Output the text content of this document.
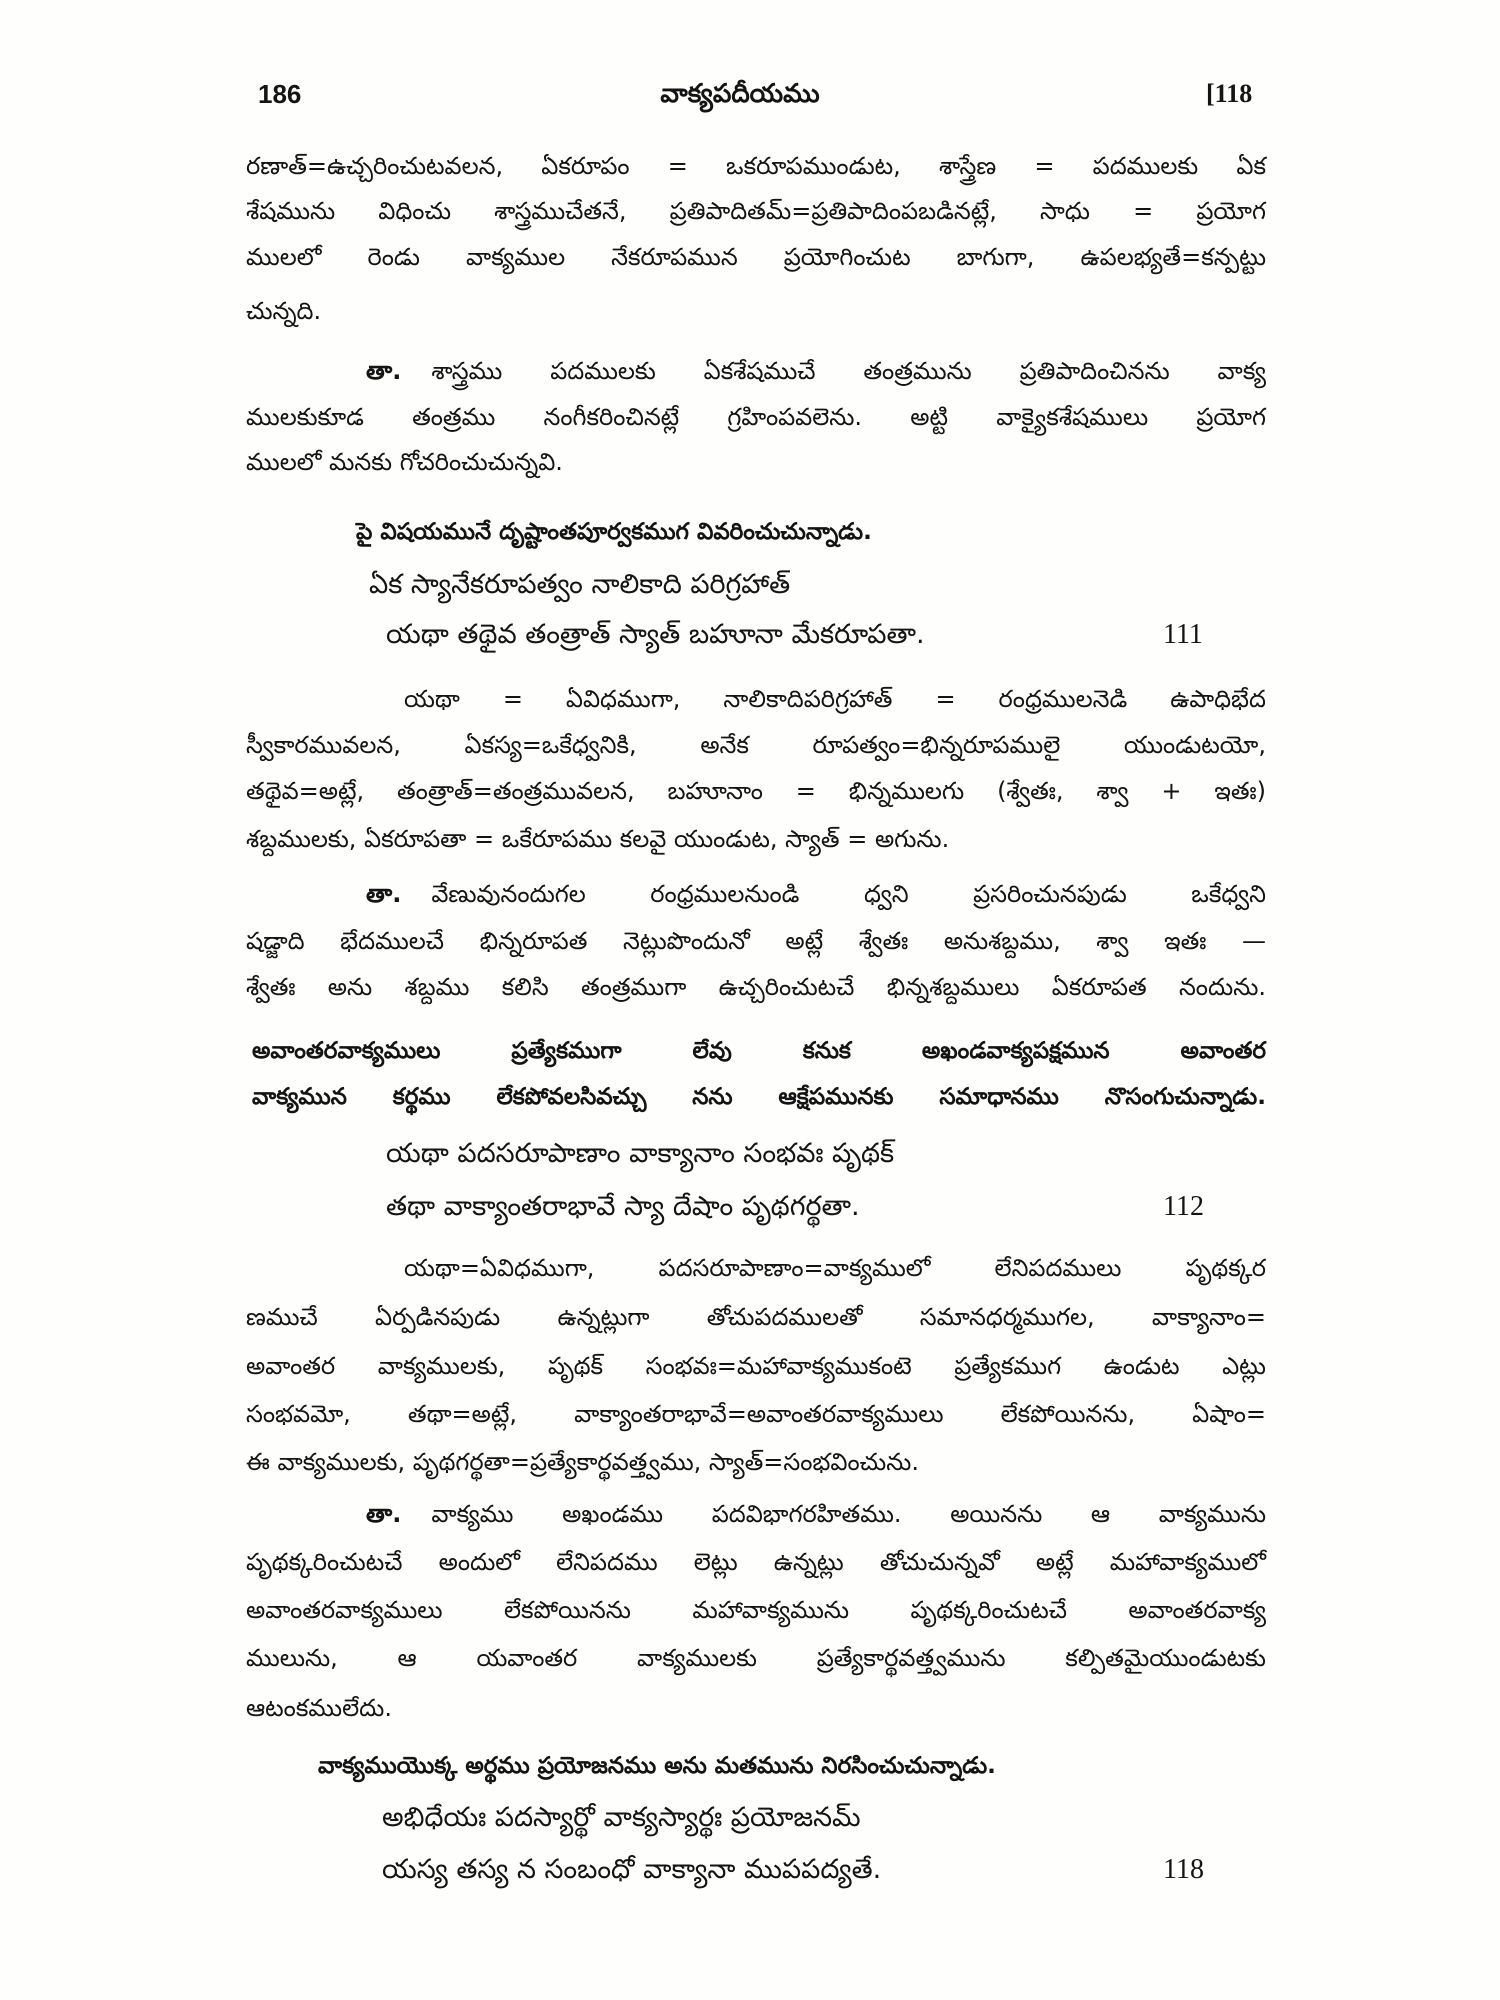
186	వాక్యపదీయము	[118
రణాత్=ఉచ్చరించుటవలన, ఏకరూపం = ఒకరూపముండుట, శాస్త్రేణ = పదములకు ఏక
శేషమును విధించు శాస్త్రముచేతనే, ప్రతిపాదితమ్=ప్రతిపాదింపబడినట్లే, సాధు = ప్రయోగ
ములలో రెండు వాక్యముల నేకరూపమున ప్రయోగించుట బాగుగా, ఉపలభ్యతే=కన్పట్టు
చున్నది.
తా. శాస్త్రము పదములకు ఏకశేషముచే తంత్రమును ప్రతిపాదించినను వాక్య
ములకుకూడ తంత్రము నంగీకరించినట్లే గ్రహింపవలెను. అట్టి వాక్యైకశేషములు ప్రయోగ
ములలో మనకు గోచరించుచున్నవి.
పై విషయమునే దృష్టాంతపూర్వకముగ వివరించుచున్నాడు.
ఏక స్యానేకరూపత్వం నాలికాది పరిగ్రహాత్
యథా తథైవ తంత్రాత్ స్యాత్ బహూనా మేకరూపతా.	111
యథా = ఏవిధముగా, నాలికాదిపరిగ్రహాత్ = రంధ్రములనెడి ఉపాధిభేద
స్వీకారమువలన, ఏకస్య=ఒకేధ్వనికి, అనేక రూపత్వం=భిన్నరూపములై యుండుటయో,
తథైవ=అట్లే, తంత్రాత్=తంత్రమువలన, బహూనాం = భిన్నములగు (శ్వేతః, శ్వా + ఇతః)
శబ్దములకు, ఏకరూపతా = ఒకేరూపము కలవై యుండుట, స్యాత్ = అగును.
తా. వేణువునందుగల రంధ్రములనుండి ధ్వని ప్రసరించునపుడు ఒకేధ్వని
షడ్జాది భేదములచే భిన్నరూపత నెట్లుపొందునో అట్లే శ్వేతః అనుశబ్దము, శ్వా ఇతః —
శ్వేతః అను శబ్దము కలిసి తంత్రముగా ఉచ్చరించుటచే భిన్నశబ్దములు ఏకరూపత నందును.
అవాంతరవాక్యములు ప్రత్యేకముగా లేవు కనుక అఖండవాక్యపక్షమున అవాంతర
వాక్యమున కర్థము లేకపోవలసివచ్చు నను ఆక్షేపమునకు సమాధానము నొసంగుచున్నాడు.
యథా పదసరూపాణాం వాక్యానాం సంభవః పృథక్
తథా వాక్యాంతరాభావే స్యా దేషాం పృథగర్థతా.	112
యథా=ఏవిధముగా, పదసరూపాణాం=వాక్యములో లేనిపదములు పృథక్కర
ణముచే ఏర్పడినపుడు ఉన్నట్లుగా తోచుపదములతో సమానధర్మముగల, వాక్యానాం=
అవాంతర వాక్యములకు, పృథక్ సంభవః=మహావాక్యముకంటె ప్రత్యేకముగ ఉండుట ఎట్లు
సంభవమో, తథా=అట్లే, వాక్యాంతరాభావే=అవాంతరవాక్యములు లేకపోయినను, ఏషాం=
ఈ వాక్యములకు, పృథగర్థతా=ప్రత్యేకార్థవత్త్వము, స్యాత్=సంభవించును.
తా. వాక్యము అఖండము పదవిభాగరహితము. అయినను ఆ వాక్యమును
పృథక్కరించుటచే అందులో లేనిపదము లెట్లు ఉన్నట్లు తోచుచున్నవో అట్లే మహావాక్యములో
అవాంతరవాక్యములు లేకపోయినను మహావాక్యమును పృథక్కరించుటచే అవాంతరవాక్య
ములును, ఆ యవాంతర వాక్యములకు ప్రత్యేకార్థవత్త్వమును కల్పితమైయుండుటకు
ఆటంకములేదు.
వాక్యముయొక్క అర్థము ప్రయోజనము అను మతమును నిరసించుచున్నాడు.
అభిధేయః పదస్యార్థో వాక్యస్యార్థః ప్రయోజనమ్
యస్య తస్య న సంబంధో వాక్యానా ముపపద్యతే.	118
